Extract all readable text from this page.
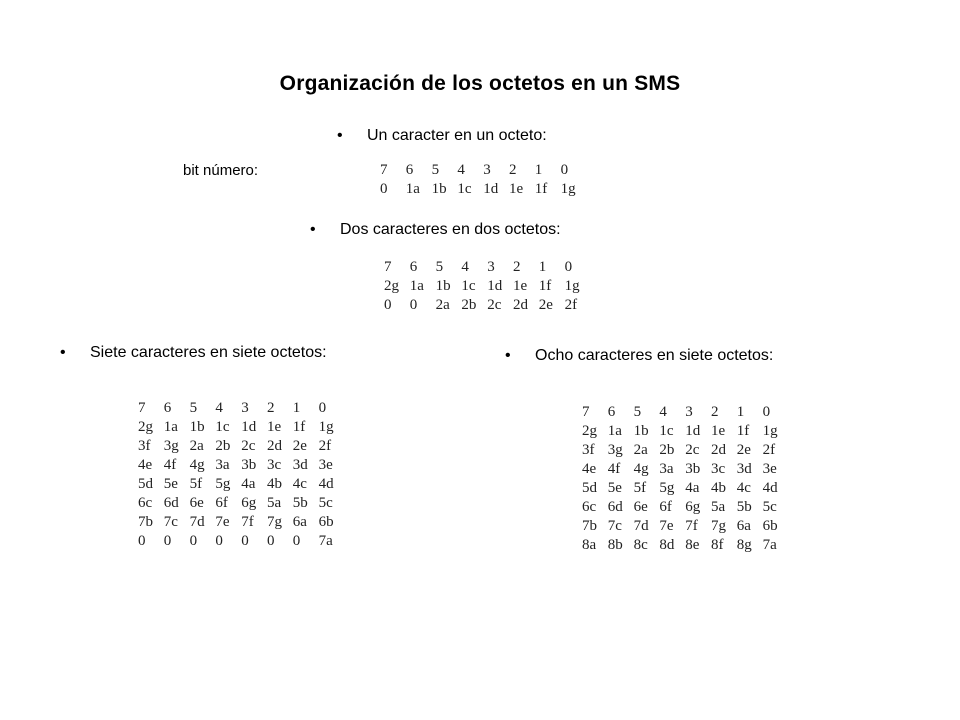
Organización de los octetos en un SMS
• Un caracter en un octeto:
bit número:	7	6	5	4	3	2	1	0
0	1a 1b 1c 1d 1e 1f 1g
• Dos caracteres en dos octetos:
7	6	5	4	3	2	1	0
2g 1a 1b 1c 1d 1e 1f 1g
0	0	2a 2b 2c 2d 2e 2f
• Siete caracteres en siete octetos:
7	6	5	4	3	2	1	0
2g 1a 1b 1c 1d 1e 1f 1g
3f 3g 2a 2b 2c 2d 2e 2f
4e 4f 4g 3a 3b 3c 3d 3e
5d 5e 5f 5g 4a 4b 4c 4d
6c 6d 6e 6f 6g 5a 5b 5c
7b 7c 7d 7e 7f 7g 6a 6b
0	0	0	0	0	0	0	7a
• Ocho caracteres en siete octetos:
7	6	5	4	3	2	1	0
2g 1a 1b 1c 1d 1e 1f 1g
3f 3g 2a 2b 2c 2d 2e 2f
4e 4f 4g 3a 3b 3c 3d 3e
5d 5e 5f 5g 4a 4b 4c 4d
6c 6d 6e 6f 6g 5a 5b 5c
7b 7c 7d 7e 7f 7g 6a 6b
8a 8b 8c 8d 8e 8f 8g 7a
